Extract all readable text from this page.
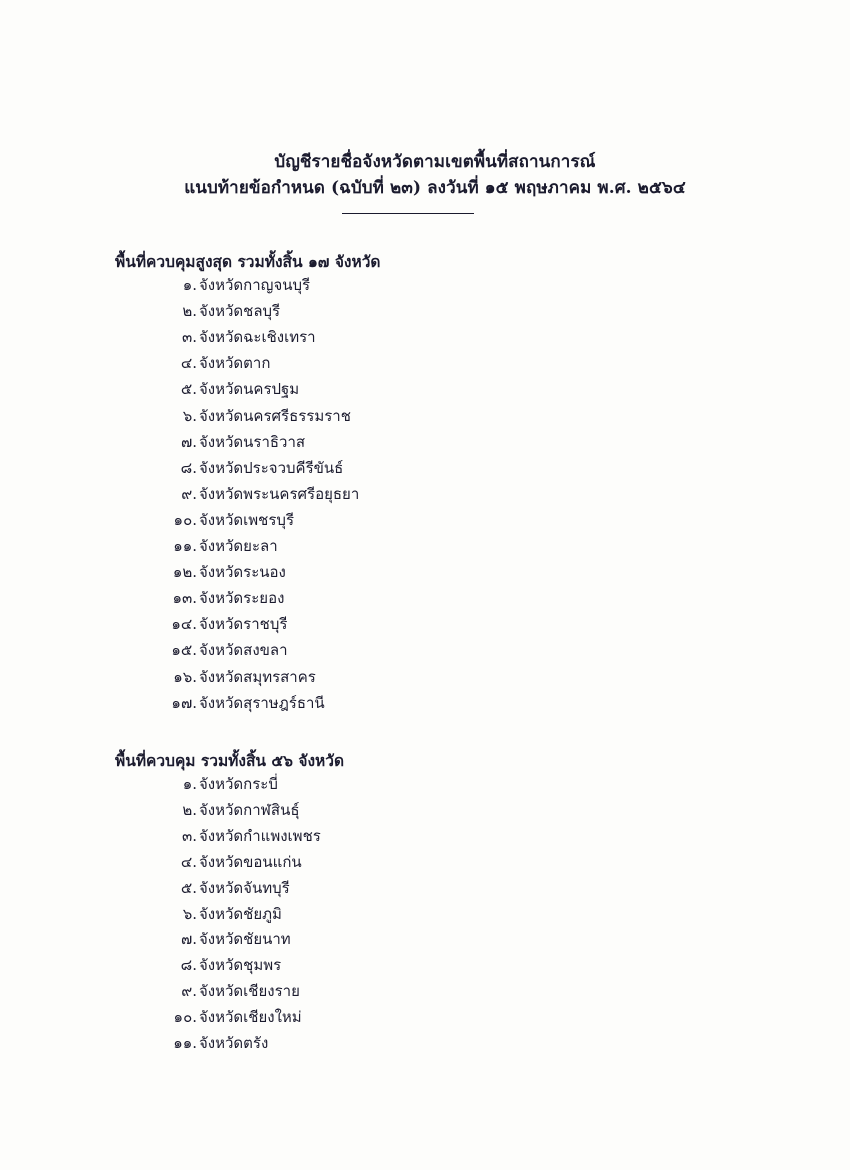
บัญชีรายชื่อจังหวัดตามเขตพื้นที่สถานการณ์
แนบท้ายข้อกำหนด (ฉบับที่ ๒๓) ลงวันที่ ๑๕ พฤษภาคม พ.ศ. ๒๕๖๔
พื้นที่ควบคุมสูงสุด รวมทั้งสิ้น ๑๗ จังหวัด
๑. จังหวัดกาญจนบุรี
๒. จังหวัดชลบุรี
๓. จังหวัดฉะเชิงเทรา
๔. จังหวัดตาก
๕. จังหวัดนครปฐม
๖. จังหวัดนครศรีธรรมราช
๗. จังหวัดนราธิวาส
๘. จังหวัดประจวบคีรีขันธ์
๙. จังหวัดพระนครศรีอยุธยา
๑๐. จังหวัดเพชรบุรี
๑๑. จังหวัดยะลา
๑๒. จังหวัดระนอง
๑๓. จังหวัดระยอง
๑๔. จังหวัดราชบุรี
๑๕. จังหวัดสงขลา
๑๖. จังหวัดสมุทรสาคร
๑๗. จังหวัดสุราษฎร์ธานี
พื้นที่ควบคุม รวมทั้งสิ้น ๕๖ จังหวัด
๑. จังหวัดกระบี่
๒. จังหวัดกาฬสินธุ์
๓. จังหวัดกำแพงเพชร
๔. จังหวัดขอนแก่น
๕. จังหวัดจันทบุรี
๖. จังหวัดชัยภูมิ
๗. จังหวัดชัยนาท
๘. จังหวัดชุมพร
๙. จังหวัดเชียงราย
๑๐. จังหวัดเชียงใหม่
๑๑. จังหวัดตรัง
